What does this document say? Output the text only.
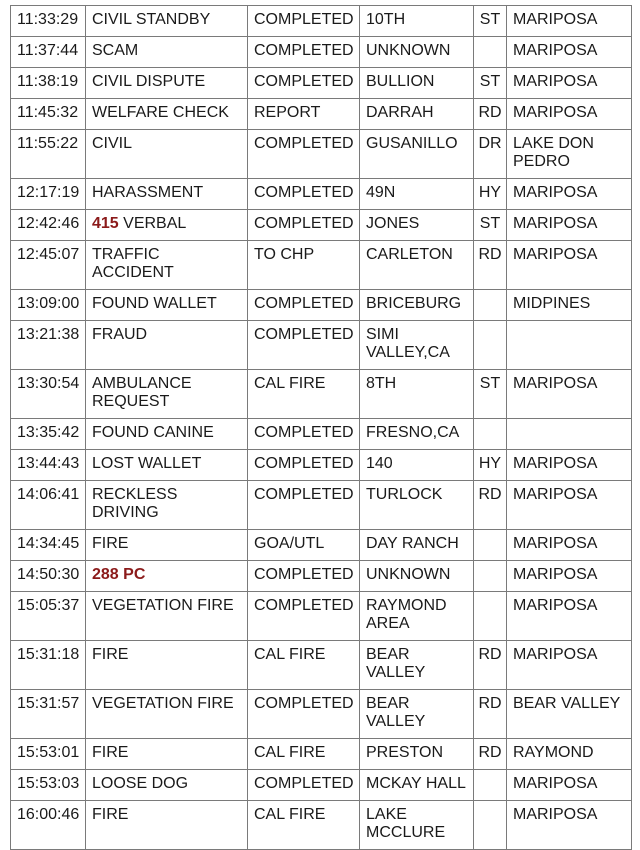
11:33:29	CIVIL STANDBY	COMPLETED	10TH	ST	MARIPOSA
11:37:44	SCAM	COMPLETED	UNKNOWN		MARIPOSA
11:38:19	CIVIL DISPUTE	COMPLETED	BULLION	ST	MARIPOSA
11:45:32	WELFARE CHECK	REPORT	DARRAH	RD	MARIPOSA
11:55:22	CIVIL	COMPLETED	GUSANILLO	DR	LAKE DON PEDRO
12:17:19	HARASSMENT	COMPLETED	49N	HY	MARIPOSA
12:42:46	415 VERBAL	COMPLETED	JONES	ST	MARIPOSA
12:45:07	TRAFFIC ACCIDENT	TO CHP	CARLETON	RD	MARIPOSA
13:09:00	FOUND WALLET	COMPLETED	BRICEBURG		MIDPINES
13:21:38	FRAUD	COMPLETED	SIMI VALLEY,CA		
13:30:54	AMBULANCE REQUEST	CAL FIRE	8TH	ST	MARIPOSA
13:35:42	FOUND CANINE	COMPLETED	FRESNO,CA		
13:44:43	LOST WALLET	COMPLETED	140	HY	MARIPOSA
14:06:41	RECKLESS DRIVING	COMPLETED	TURLOCK	RD	MARIPOSA
14:34:45	FIRE	GOA/UTL	DAY RANCH		MARIPOSA
14:50:30	288 PC	COMPLETED	UNKNOWN		MARIPOSA
15:05:37	VEGETATION FIRE	COMPLETED	RAYMOND AREA		MARIPOSA
15:31:18	FIRE	CAL FIRE	BEAR VALLEY	RD	MARIPOSA
15:31:57	VEGETATION FIRE	COMPLETED	BEAR VALLEY	RD	BEAR VALLEY
15:53:01	FIRE	CAL FIRE	PRESTON	RD	RAYMOND
15:53:03	LOOSE DOG	COMPLETED	MCKAY HALL		MARIPOSA
16:00:46	FIRE	CAL FIRE	LAKE MCCLURE		MARIPOSA
